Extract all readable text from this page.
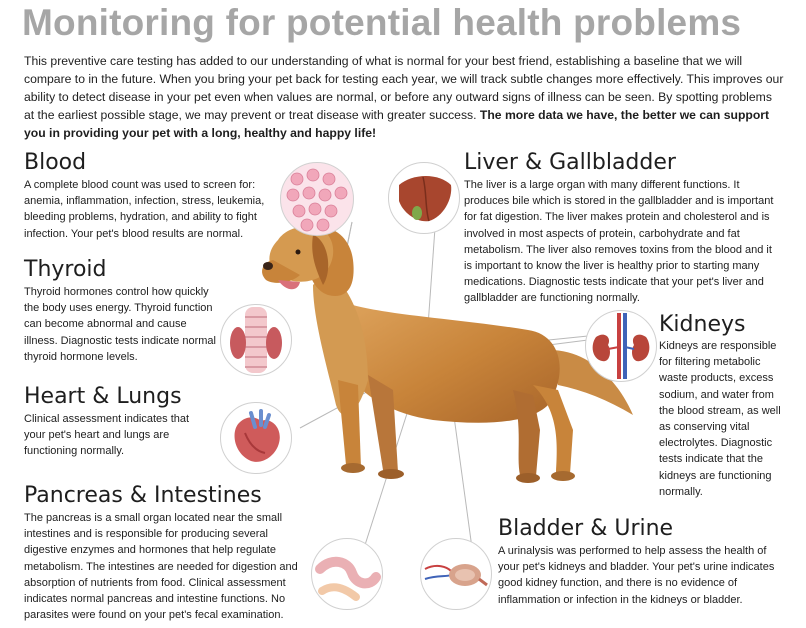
Monitoring for potential health problems

This preventive care testing has added to our understanding of what is normal for your best friend, establishing a baseline that we will compare to in the future. When you bring your pet back for testing each year, we will track subtle changes more effectively. This improves our ability to detect disease in your pet even when values are normal, or before any outward signs of illness can be seen. By spotting problems at the earliest possible stage, we may prevent or treat disease with greater success. The more data we have, the better we can support you in providing your pet with a long, healthy and happy life!

Blood

A complete blood count was used to screen for: anemia, inflammation, infection, stress, leukemia, bleeding problems, hydration, and ability to fight infection. Your pet's blood results are normal.

Thyroid

Thyroid hormones control how quickly the body uses energy. Thyroid function can become abnormal and cause illness. Diagnostic tests indicate normal thyroid hormone levels.

Heart & Lungs

Clinical assessment indicates that your pet's heart and lungs are functioning normally.

Pancreas & Intestines

The pancreas is a small organ located near the small intestines and is responsible for producing several digestive enzymes and hormones that help regulate metabolism. The intestines are needed for digestion and absorption of nutrients from food. Clinical assessment indicates normal pancreas and intestine functions. No parasites were found on your pet's fecal examination.

Liver & Gallbladder

The liver is a large organ with many different functions. It produces bile which is stored in the gallbladder and is important for fat digestion. The liver makes protein and cholesterol and is involved in most aspects of protein, carbohydrate and fat metabolism. The liver also removes toxins from the blood and it is important to know the liver is healthy prior to starting many medications. Diagnostic tests indicate that your pet's liver and gallbladder are functioning normally.

Kidneys

Kidneys are responsible for filtering metabolic waste products, excess sodium, and water from the blood stream, as well as conserving vital electrolytes. Diagnostic tests indicate that the kidneys are functioning normally.

Bladder & Urine

A urinalysis was performed to help assess the health of your pet's kidneys and bladder. Your pet's urine indicates good kidney function, and there is no evidence of inflammation or infection in the kidneys or bladder.
